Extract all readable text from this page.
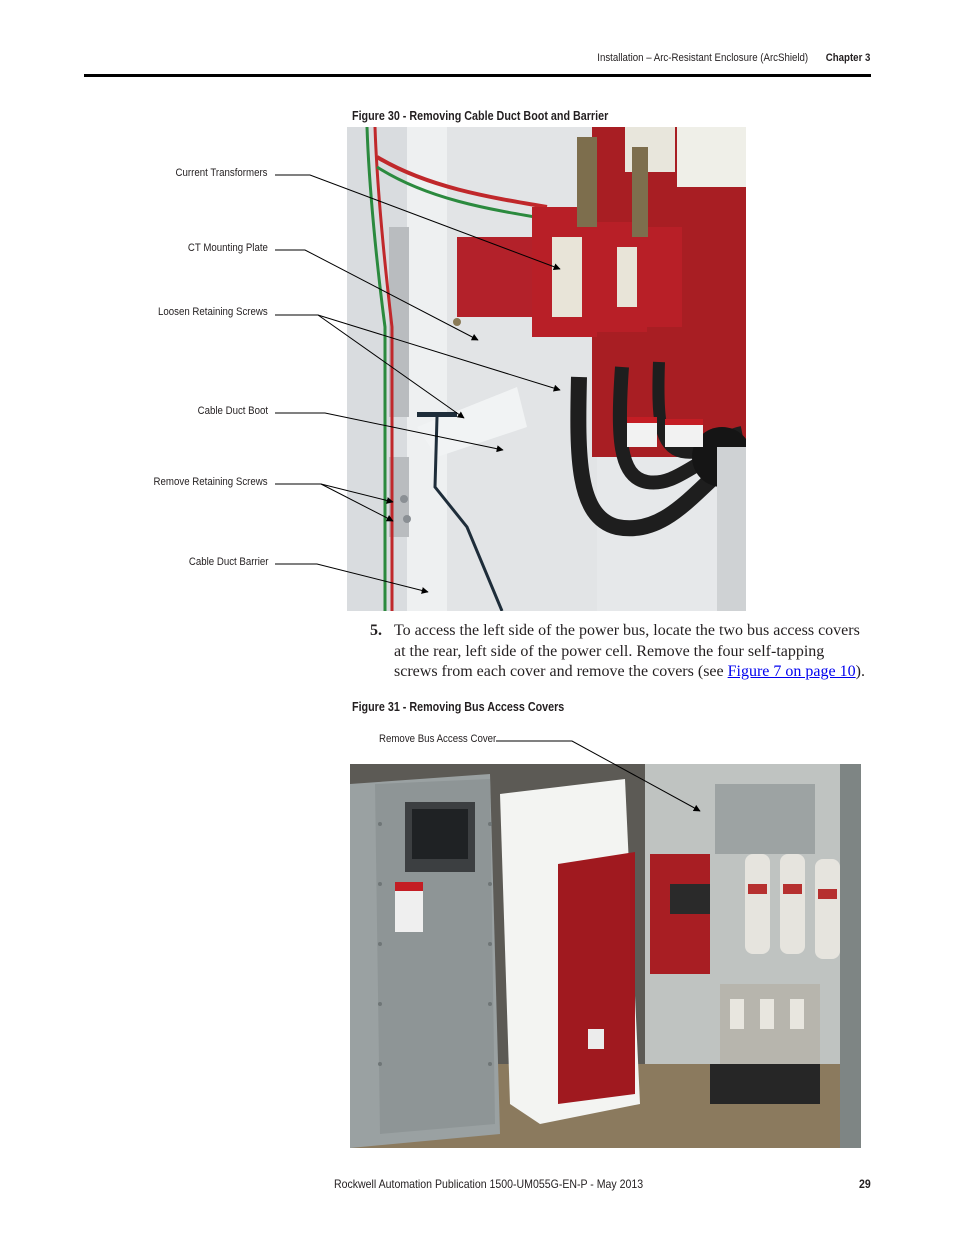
Installation – Arc-Resistant Enclosure (ArcShield) Chapter 3
Figure 30 - Removing Cable Duct Boot and Barrier
Current Transformers
CT Mounting Plate
Loosen Retaining Screws
Cable Duct Boot
Remove Retaining Screws
Cable Duct Barrier
5. To access the left side of the power bus, locate the two bus access covers at the rear, left side of the power cell. Remove the four self-tapping screws from each cover and remove the covers (see Figure 7 on page 10).
Figure 31 - Removing Bus Access Covers
Remove Bus Access Cover
Rockwell Automation Publication 1500-UM055G-EN-P - May 2013	29
